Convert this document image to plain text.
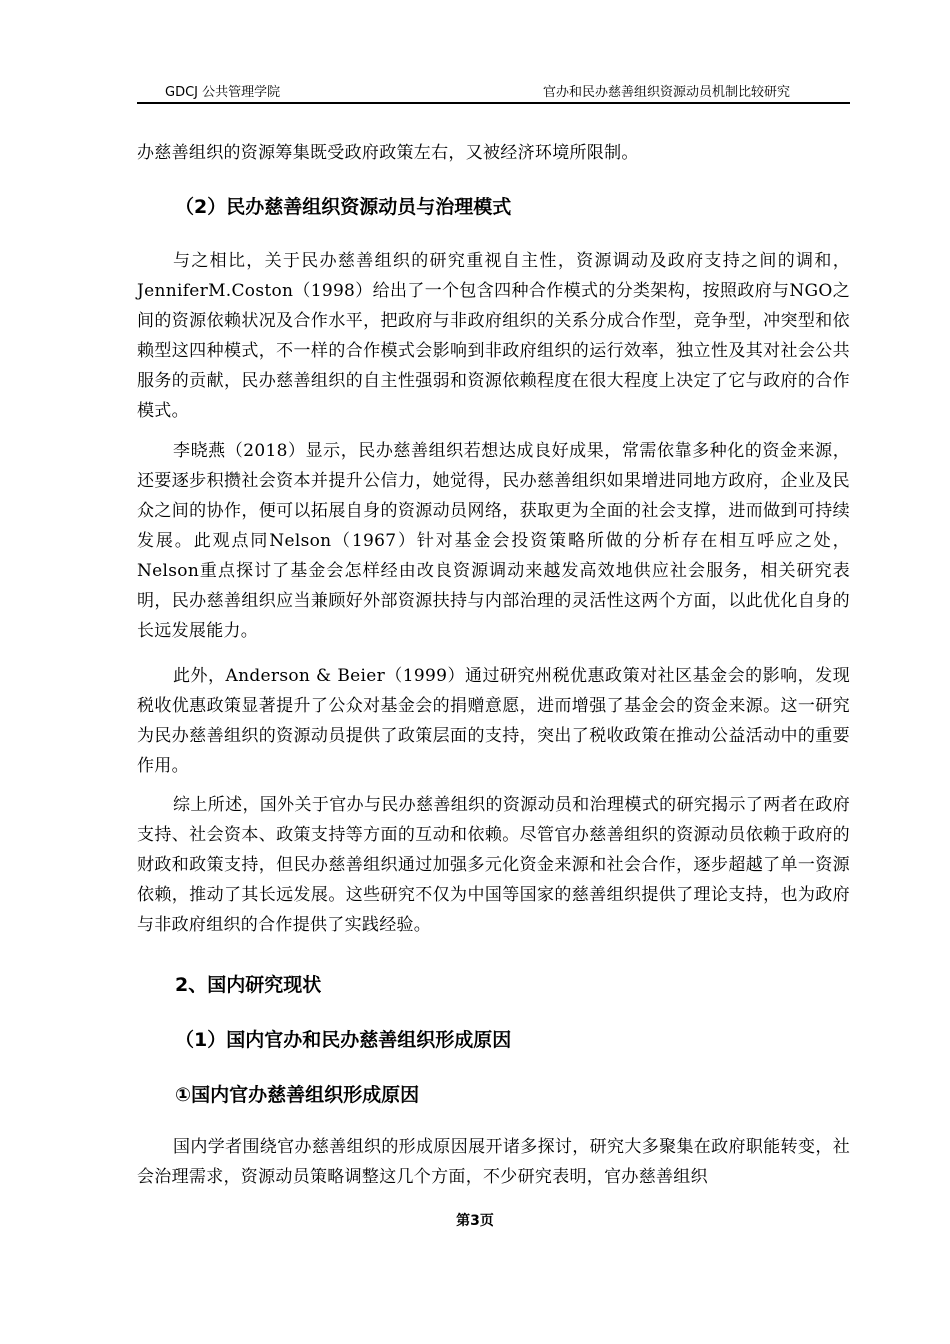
GDCJ 公共管理学院	官办和民办慈善组织资源动员机制比较研究

办慈善组织的资源筹集既受政府政策左右，又被经济环境所限制。

（2）民办慈善组织资源动员与治理模式

与之相比，关于民办慈善组织的研究重视自主性，资源调动及政府支持之间的调和，JenniferM.Coston（1998）给出了一个包含四种合作模式的分类架构，按照政府与NGO之间的资源依赖状况及合作水平，把政府与非政府组织的关系分成合作型，竞争型，冲突型和依赖型这四种模式，不一样的合作模式会影响到非政府组织的运行效率，独立性及其对社会公共服务的贡献，民办慈善组织的自主性强弱和资源依赖程度在很大程度上决定了它与政府的合作模式。

李晓燕（2018）显示，民办慈善组织若想达成良好成果，常需依靠多种化的资金来源，还要逐步积攒社会资本并提升公信力，她觉得，民办慈善组织如果增进同地方政府，企业及民众之间的协作，便可以拓展自身的资源动员网络，获取更为全面的社会支撑，进而做到可持续发展。此观点同Nelson（1967）针对基金会投资策略所做的分析存在相互呼应之处，Nelson重点探讨了基金会怎样经由改良资源调动来越发高效地供应社会服务，相关研究表明，民办慈善组织应当兼顾好外部资源扶持与内部治理的灵活性这两个方面，以此优化自身的长远发展能力。

此外，Anderson & Beier（1999）通过研究州税优惠政策对社区基金会的影响，发现税收优惠政策显著提升了公众对基金会的捐赠意愿，进而增强了基金会的资金来源。这一研究为民办慈善组织的资源动员提供了政策层面的支持，突出了税收政策在推动公益活动中的重要作用。

综上所述，国外关于官办与民办慈善组织的资源动员和治理模式的研究揭示了两者在政府支持、社会资本、政策支持等方面的互动和依赖。尽管官办慈善组织的资源动员依赖于政府的财政和政策支持，但民办慈善组织通过加强多元化资金来源和社会合作，逐步超越了单一资源依赖，推动了其长远发展。这些研究不仅为中国等国家的慈善组织提供了理论支持，也为政府与非政府组织的合作提供了实践经验。

2、国内研究现状
（1）国内官办和民办慈善组织形成原因
①国内官办慈善组织形成原因

国内学者围绕官办慈善组织的形成原因展开诸多探讨，研究大多聚集在政府职能转变，社会治理需求，资源动员策略调整这几个方面，不少研究表明，官办慈善组织

第3页
